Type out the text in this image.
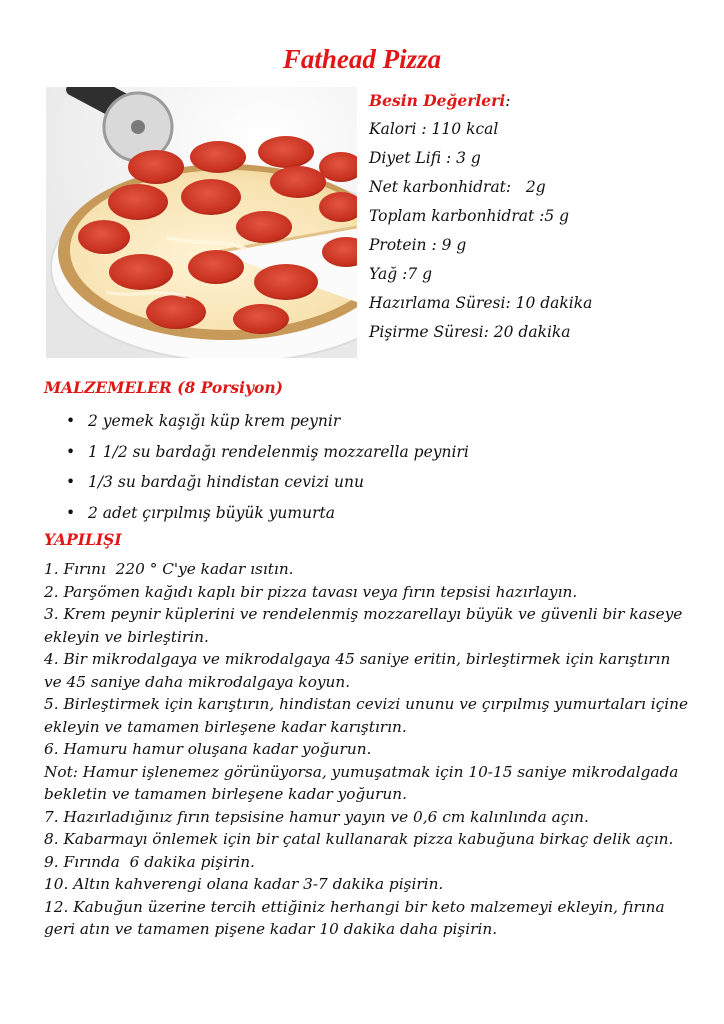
Fathead Pizza
Besin Değerleri:
Kalori : 110 kcal
Diyet Lifi : 3 g
Net karbonhidrat:   2g
Toplam karbonhidrat :5 g
Protein : 9 g
Yağ :7 g
Hazırlama Süresi: 10 dakika
Pişirme Süresi: 20 dakika
MALZEMELER (8 Porsiyon)
• 2 yemek kaşığı küp krem peynir
• 1 1/2 su bardağı rendelenmiş mozzarella peyniri
• 1/3 su bardağı hindistan cevizi unu
• 2 adet çırpılmış büyük yumurta
YAPILIŞI

1. Fırını  220 ° C'ye kadar ısıtın.

2. Parşömen kağıdı kaplı bir pizza tavası veya fırın tepsisi hazırlayın.

3. Krem peynir küplerini ve rendelenmiş mozzarellayı büyük ve güvenli bir kaseye ekleyin ve birleştirin.

4. Bir mikrodalgaya ve mikrodalgaya 45 saniye eritin, birleştirmek için karıştırın ve 45 saniye daha mikrodalgaya koyun.

5. Birleştirmek için karıştırın, hindistan cevizi ununu ve çırpılmış yumurtaları içine ekleyin ve tamamen birleşene kadar karıştırın.

6. Hamuru hamur oluşana kadar yoğurun.

Not: Hamur işlenemez görünüyorsa, yumuşatmak için 10-15 saniye mikrodalgada bekletin ve tamamen birleşene kadar yoğurun.

7. Hazırladığınız fırın tepsisine hamur yayın ve 0,6 cm kalınlında açın.

8. Kabarmayı önlemek için bir çatal kullanarak pizza kabuğuna birkaç delik açın.

9. Fırında  6 dakika pişirin.

10. Altın kahverengi olana kadar 3-7 dakika pişirin.

12. Kabuğun üzerine tercih ettiğiniz herhangi bir keto malzemeyi ekleyin, fırına geri atın ve tamamen pişene kadar 10 dakika daha pişirin.
